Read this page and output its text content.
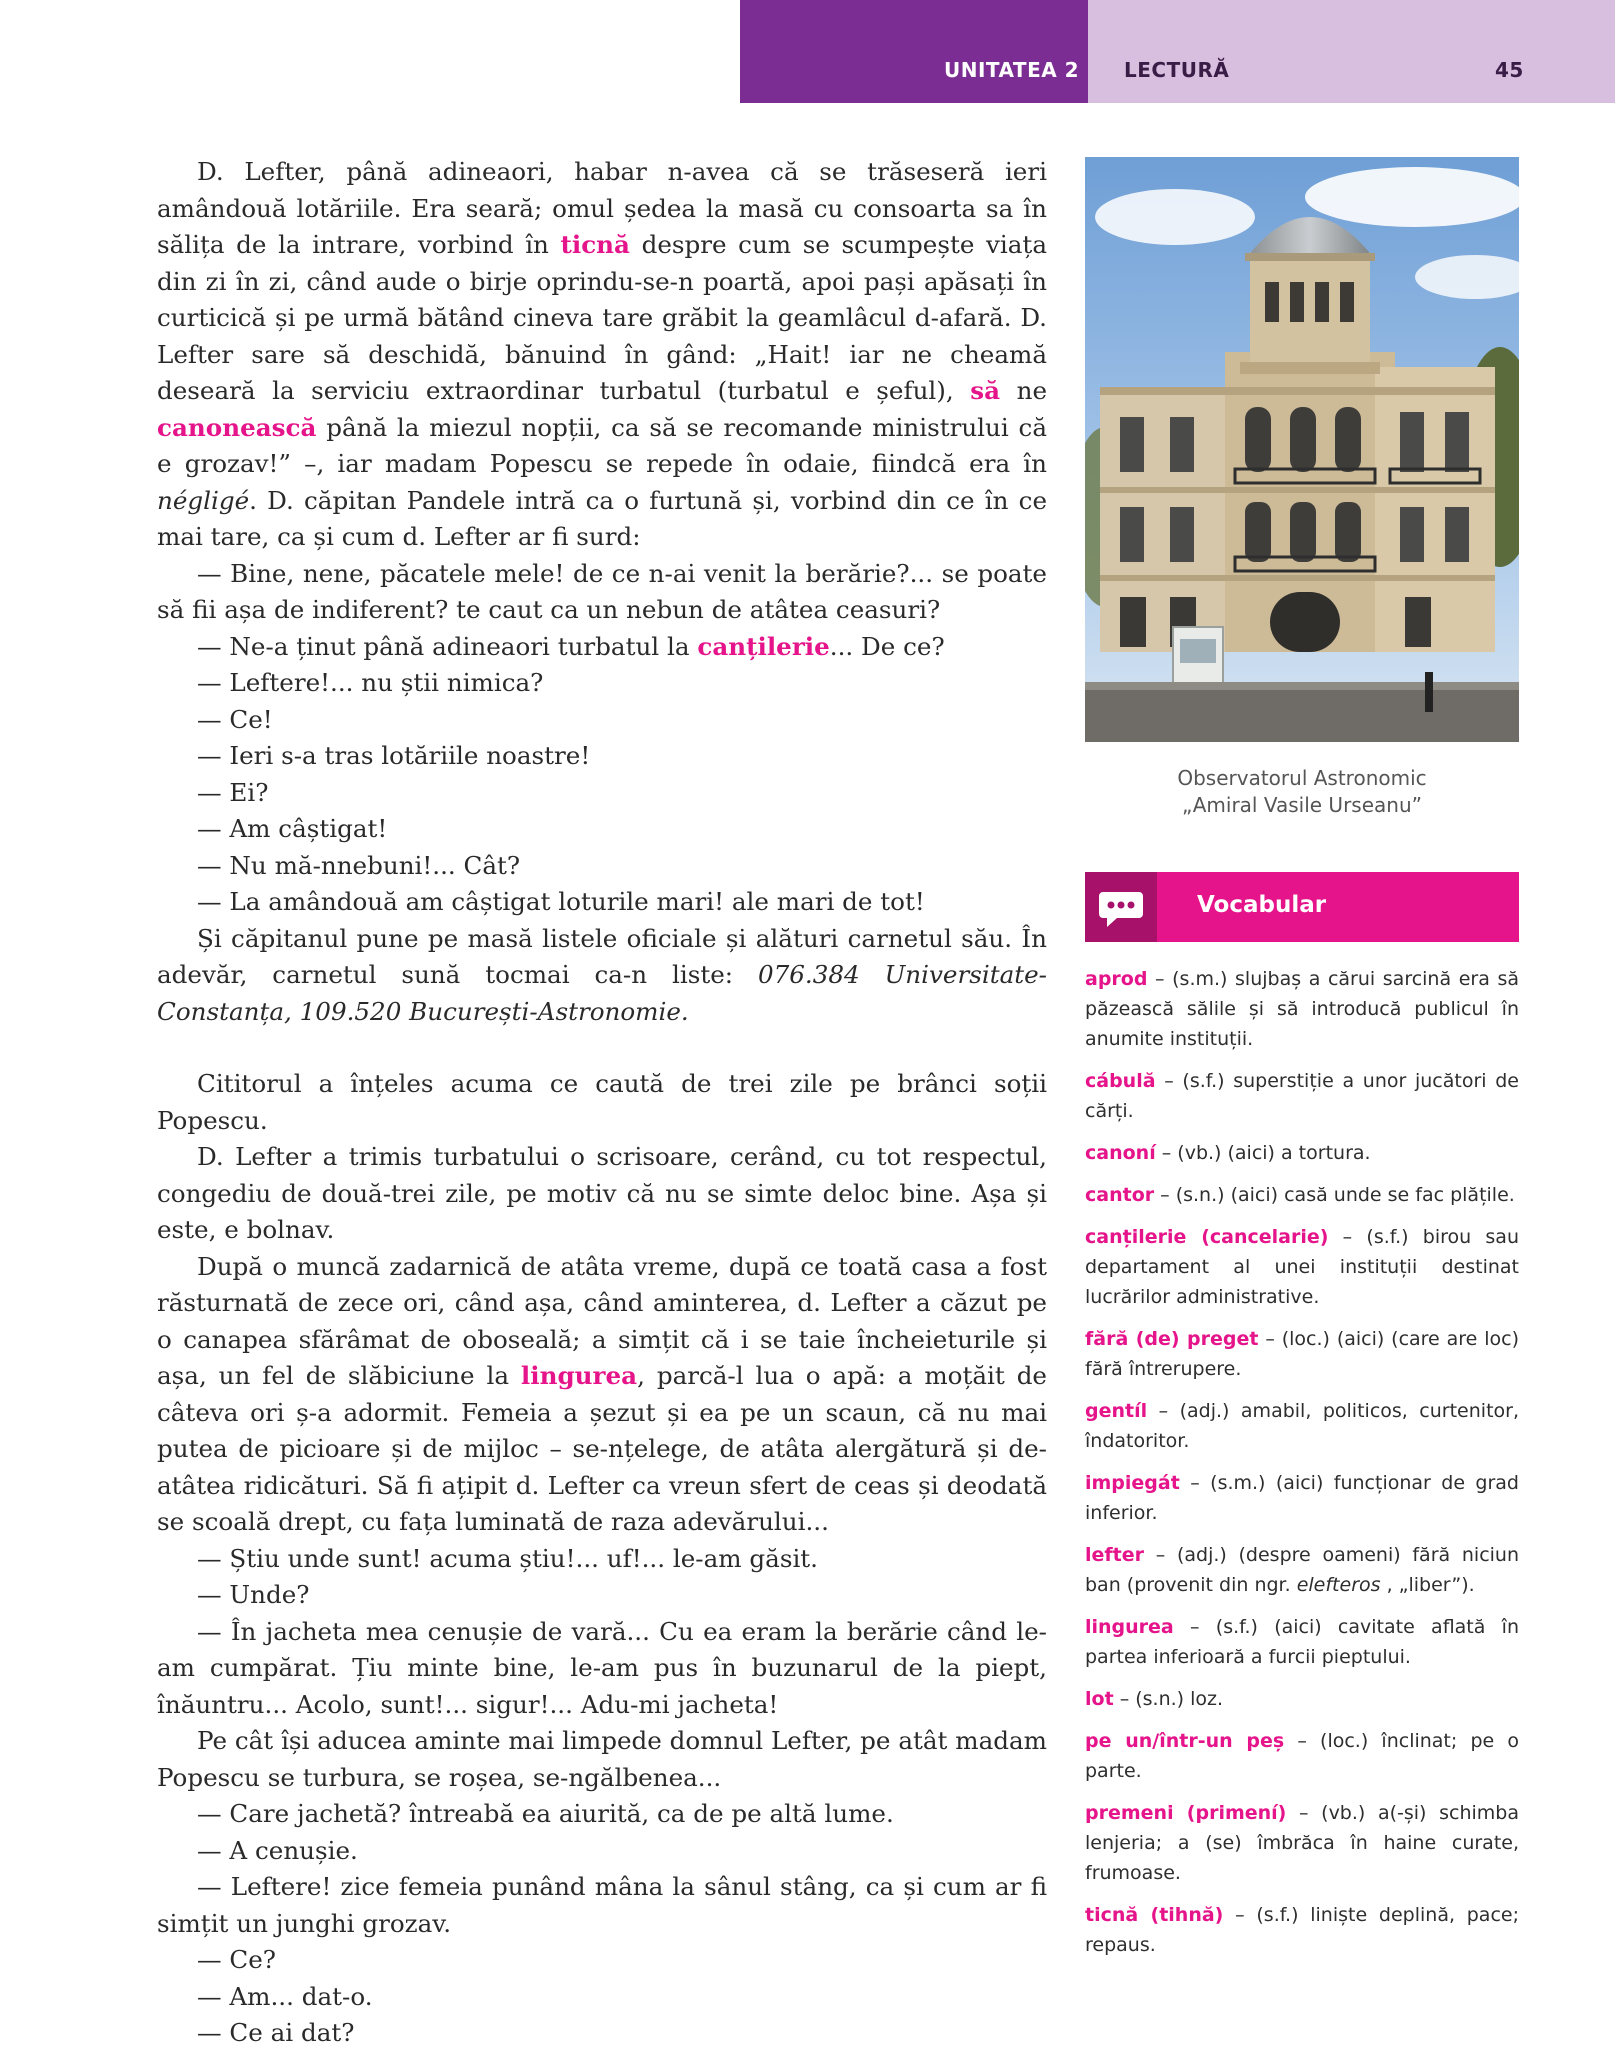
UNITATEA 2 LECTURĂ	45

D. Lefter, până adineaori, habar n-avea că se trăseseră ieri amândouă lotăriile. Era seară; omul ședea la masă cu consoarta sa în sălița de la intrare, vorbind în ticnă despre cum se scumpește viața din zi în zi, când aude o birje oprindu-se-n poartă, apoi pași apăsați în curticică și pe urmă bătând cineva tare grăbit la geamlâcul d-afară. D. Lefter sare să deschidă, bănuind în gând: „Hait! iar ne cheamă deseară la serviciu extraordinar turbatul (turbatul e șeful), să ne canonească până la miezul nopții, ca să se recomande ministrului că e grozav!” –, iar madam Popescu se repede în odaie, fiindcă era în négligé. D. căpitan Pandele intră ca o furtună și, vorbind din ce în ce mai tare, ca și cum d. Lefter ar fi surd:

— Bine, nene, păcatele mele! de ce n-ai venit la berărie?... se poate să fii așa de indiferent? te caut ca un nebun de atâtea ceasuri?

— Ne-a ținut până adineaori turbatul la canțilerie... De ce?

— Leftere!... nu știi nimica?

— Ce!

— Ieri s-a tras lotăriile noastre!

— Ei?

— Am câștigat!

— Nu mă-nnebuni!... Cât?

— La amândouă am câștigat loturile mari! ale mari de tot!

Și căpitanul pune pe masă listele oficiale și alături carnetul său. În adevăr, carnetul sună tocmai ca-n liste: 076.384 Universitate-Constanța, 109.520 București-Astronomie.

Cititorul a înțeles acuma ce caută de trei zile pe brânci soții Popescu.

D. Lefter a trimis turbatului o scrisoare, cerând, cu tot respectul, congediu de două-trei zile, pe motiv că nu se simte deloc bine. Așa și este, e bolnav.

După o muncă zadarnică de atâta vreme, după ce toată casa a fost răsturnată de zece ori, când așa, când aminterea, d. Lefter a căzut pe o canapea sfărâmat de oboseală; a simțit că i se taie încheieturile și așa, un fel de slăbiciune la lingurea, parcă-l lua o apă: a moțăit de câteva ori ș-a adormit. Femeia a șezut și ea pe un scaun, că nu mai putea de picioare și de mijloc – se-nțelege, de atâta alergătură și de-atâtea ridicături. Să fi ațipit d. Lefter ca vreun sfert de ceas și deodată se scoală drept, cu fața luminată de raza adevărului...

— Știu unde sunt! acuma știu!... uf!... le-am găsit.

— Unde?

— În jacheta mea cenușie de vară... Cu ea eram la berărie când le-am cumpărat. Țiu minte bine, le-am pus în buzunarul de la piept, înăuntru... Acolo, sunt!... sigur!... Adu-mi jacheta!

Pe cât își aducea aminte mai limpede domnul Lefter, pe atât madam Popescu se turbura, se roșea, se-ngălbenea...

— Care jachetă? întreabă ea aiurită, ca de pe altă lume.

— A cenușie.

— Leftere! zice femeia punând mâna la sânul stâng, ca și cum ar fi simțit un junghi grozav.

— Ce?

— Am... dat-o.

— Ce ai dat?

Observatorul Astronomic
„Amiral Vasile Urseanu”
Vocabular

aprod – (s.m.) slujbaș a cărui sarcină era să păzească sălile și să introducă publicul în anumite instituții.

cábulă – (s.f.) superstiție a unor jucători de cărți.

canoní – (vb.) (aici) a tortura.

cantor – (s.n.) (aici) casă unde se fac plățile.

canțilerie (cancelarie) – (s.f.) birou sau departament al unei instituții destinat lucrărilor administrative.

fără (de) preget – (loc.) (aici) (care are loc) fără întrerupere.

gentíl – (adj.) amabil, politicos, curtenitor, îndatoritor.

impiegát – (s.m.) (aici) funcționar de grad inferior.

lefter – (adj.) (despre oameni) fără niciun ban (provenit din ngr. elefteros , „liber”).

lingurea – (s.f.) (aici) cavitate aflată în partea inferioară a furcii pieptului.

lot – (s.n.) loz.

pe un/într-un peș – (loc.) înclinat; pe o parte.

premeni (primení) – (vb.) a(-și) schimba lenjeria; a (se) îmbrăca în haine curate, frumoase.

ticnă (tihnă) – (s.f.) liniște deplină, pace; repaus.
